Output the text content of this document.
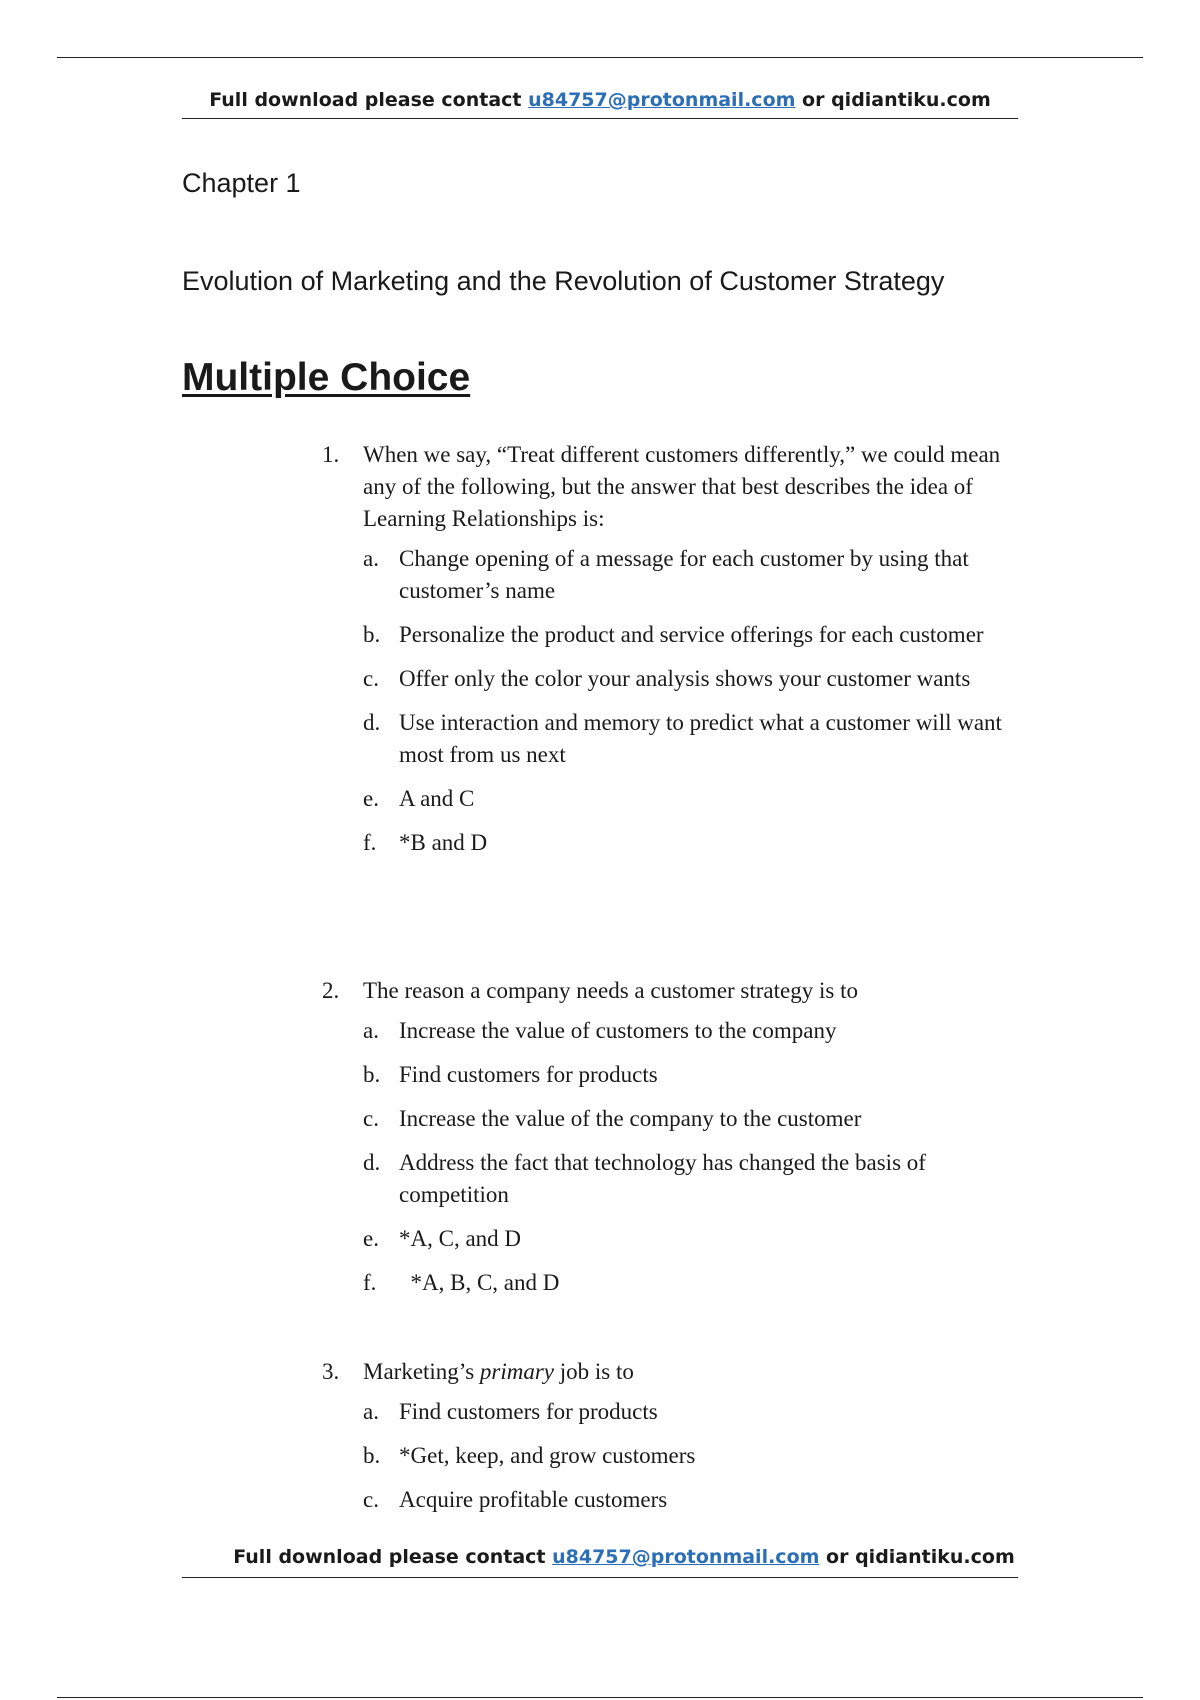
Full download please contact u84757@protonmail.com or qidiantiku.com
Chapter 1
Evolution of Marketing and the Revolution of Customer Strategy
Multiple Choice
1. When we say, “Treat different customers differently,” we could mean any of the following, but the answer that best describes the idea of Learning Relationships is:
a. Change opening of a message for each customer by using that customer’s name
b. Personalize the product and service offerings for each customer
c. Offer only the color your analysis shows your customer wants
d. Use interaction and memory to predict what a customer will want most from us next
e. A and C
f. *B and D
2. The reason a company needs a customer strategy is to
a. Increase the value of customers to the company
b. Find customers for products
c. Increase the value of the company to the customer
d. Address the fact that technology has changed the basis of competition
e. *A, C, and D
f. *A, B, C, and D
3. Marketing’s primary job is to
a. Find customers for products
b. *Get, keep, and grow customers
c. Acquire profitable customers
Full download please contact u84757@protonmail.com or qidiantiku.com
